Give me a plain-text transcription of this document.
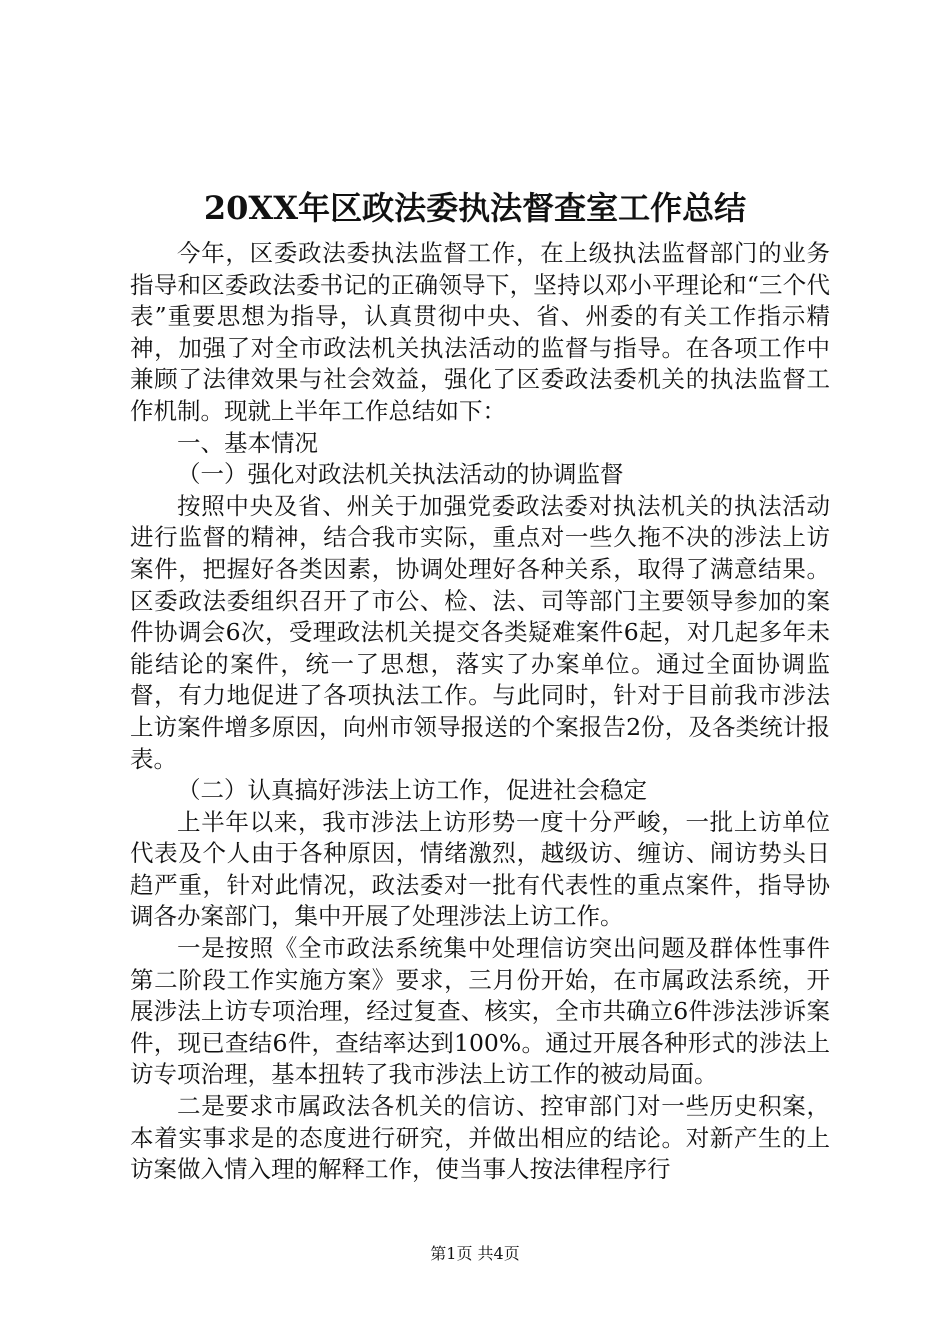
20XX年区政法委执法督查室工作总结

今年，区委政法委执法监督工作，在上级执法监督部门的业务指导和区委政法委书记的正确领导下，坚持以邓小平理论和“三个代表”重要思想为指导，认真贯彻中央、省、州委的有关工作指示精神，加强了对全市政法机关执法活动的监督与指导。在各项工作中兼顾了法律效果与社会效益，强化了区委政法委机关的执法监督工作机制。现就上半年工作总结如下：

一、基本情况

（一）强化对政法机关执法活动的协调监督

按照中央及省、州关于加强党委政法委对执法机关的执法活动进行监督的精神，结合我市实际，重点对一些久拖不决的涉法上访案件，把握好各类因素，协调处理好各种关系，取得了满意结果。区委政法委组织召开了市公、检、法、司等部门主要领导参加的案件协调会6次，受理政法机关提交各类疑难案件6起，对几起多年未能结论的案件，统一了思想，落实了办案单位。通过全面协调监督，有力地促进了各项执法工作。与此同时，针对于目前我市涉法上访案件增多原因，向州市领导报送的个案报告2份，及各类统计报表。

（二）认真搞好涉法上访工作，促进社会稳定

上半年以来，我市涉法上访形势一度十分严峻，一批上访单位代表及个人由于各种原因，情绪激烈，越级访、缠访、闹访势头日趋严重，针对此情况，政法委对一批有代表性的重点案件，指导协调各办案部门，集中开展了处理涉法上访工作。

一是按照《全市政法系统集中处理信访突出问题及群体性事件第二阶段工作实施方案》要求，三月份开始，在市属政法系统，开展涉法上访专项治理，经过复查、核实，全市共确立6件涉法涉诉案件，现已查结6件，查结率达到100%。通过开展各种形式的涉法上访专项治理，基本扭转了我市涉法上访工作的被动局面。

二是要求市属政法各机关的信访、控审部门对一些历史积案，本着实事求是的态度进行研究，并做出相应的结论。对新产生的上访案做入情入理的解释工作，使当事人按法律程序行

第1页 共4页
